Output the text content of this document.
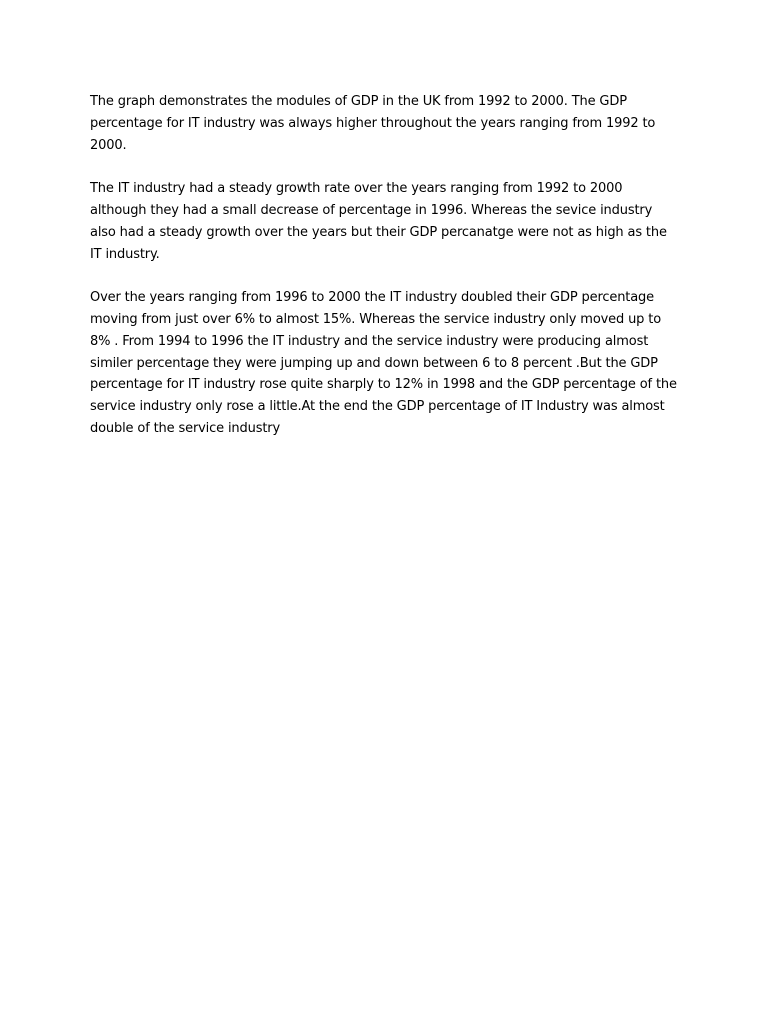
The graph demonstrates the modules of GDP in the UK from 1992 to 2000. The GDP percentage for IT industry was always higher throughout the years ranging from 1992 to 2000.

The IT industry had a steady growth rate over the years ranging from 1992 to 2000 although they had a small decrease of percentage in 1996. Whereas the sevice industry also had a steady growth over the years but their GDP percanatge were not as high as the IT industry.

Over the years ranging from 1996 to 2000 the IT industry doubled their GDP percentage moving from just over 6% to almost 15%. Whereas the service industry only moved up to 8% . From 1994 to 1996 the IT industry and the service industry were producing almost similer percentage they were jumping up and down between 6 to 8 percent .But the GDP percentage for IT industry rose quite sharply to 12% in 1998 and the GDP percentage of the service industry only rose a little.At the end the GDP percentage of IT Industry was almost double of the service industry
